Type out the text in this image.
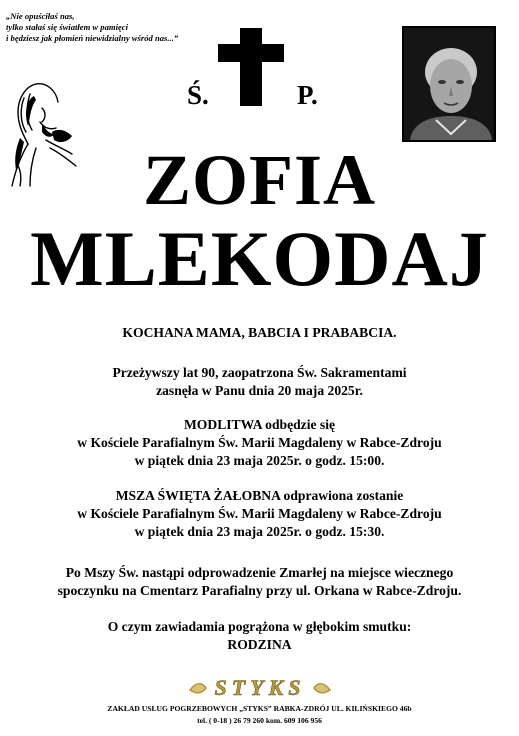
„Nie opuściłaś nas,
tylko stałaś się światłem w pamięci
i będziesz jak płomień niewidzialny wśród nas...”
Ś.	P.
ZOFIA
MLEKODAJ
KOCHANA MAMA, BABCIA I PRABABCIA.
Przeżywszy lat 90, zaopatrzona Św. Sakramentami
zasnęła w Panu dnia 20 maja 2025r.
MODLITWA odbędzie się
w Kościele Parafialnym Św. Marii Magdaleny w Rabce-Zdroju
w piątek dnia 23 maja 2025r. o godz. 15:00.
MSZA ŚWIĘTA ŻAŁOBNA odprawiona zostanie
w Kościele Parafialnym Św. Marii Magdaleny w Rabce-Zdroju
w piątek dnia 23 maja 2025r. o godz. 15:30.
Po Mszy Św. nastąpi odprowadzenie Zmarłej na miejsce wiecznego
spoczynku na Cmentarz Parafialny przy ul. Orkana w Rabce-Zdroju.
O czym zawiadamia pogrążona w głębokim smutku:
RODZINA
STYKS
ZAKŁAD USŁUG POGRZEBOWYCH „STYKS” RABKA-ZDRÓJ UL. KILIŃSKIEGO 46b
tel. ( 0-18 ) 26 79 260 kom. 609 106 956
